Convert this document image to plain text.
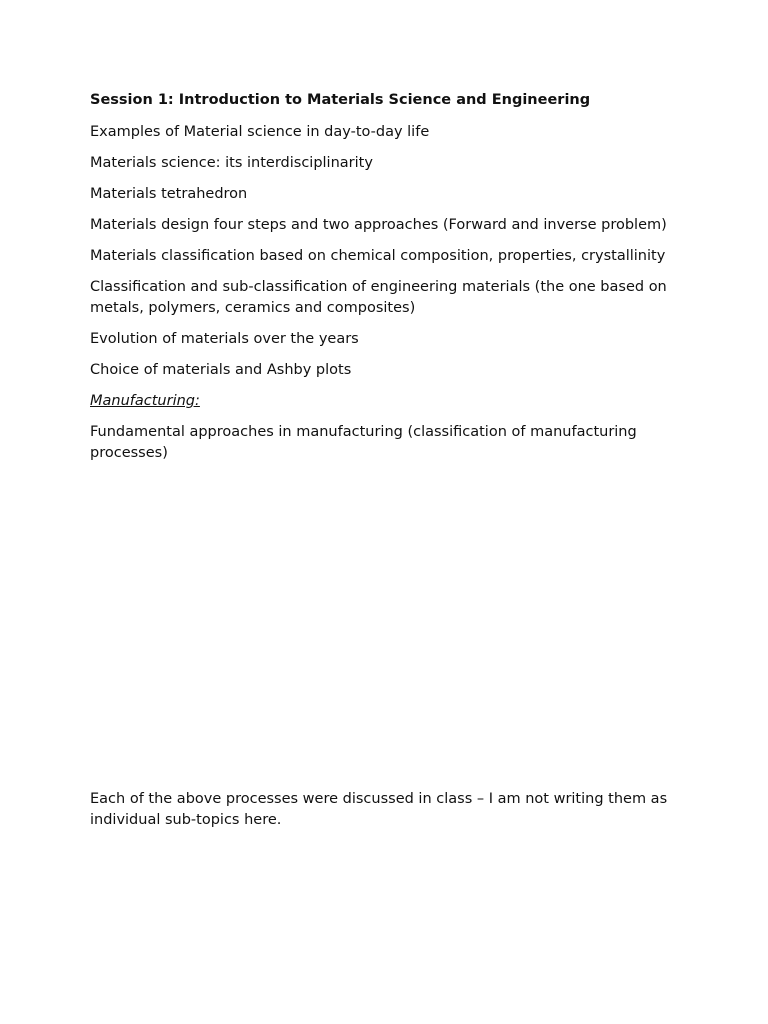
Session 1: Introduction to Materials Science and Engineering

Examples of Material science in day-to-day life

Materials science: its interdisciplinarity

Materials tetrahedron

Materials design four steps and two approaches (Forward and inverse problem)

Materials classification based on chemical composition, properties, crystallinity

Classification and sub-classification of engineering materials (the one based on metals, polymers, ceramics and composites)

Evolution of materials over the years

Choice of materials and Ashby plots

Manufacturing:

Fundamental approaches in manufacturing (classification of manufacturing processes)

Each of the above processes were discussed in class – I am not writing them as individual sub-topics here.
